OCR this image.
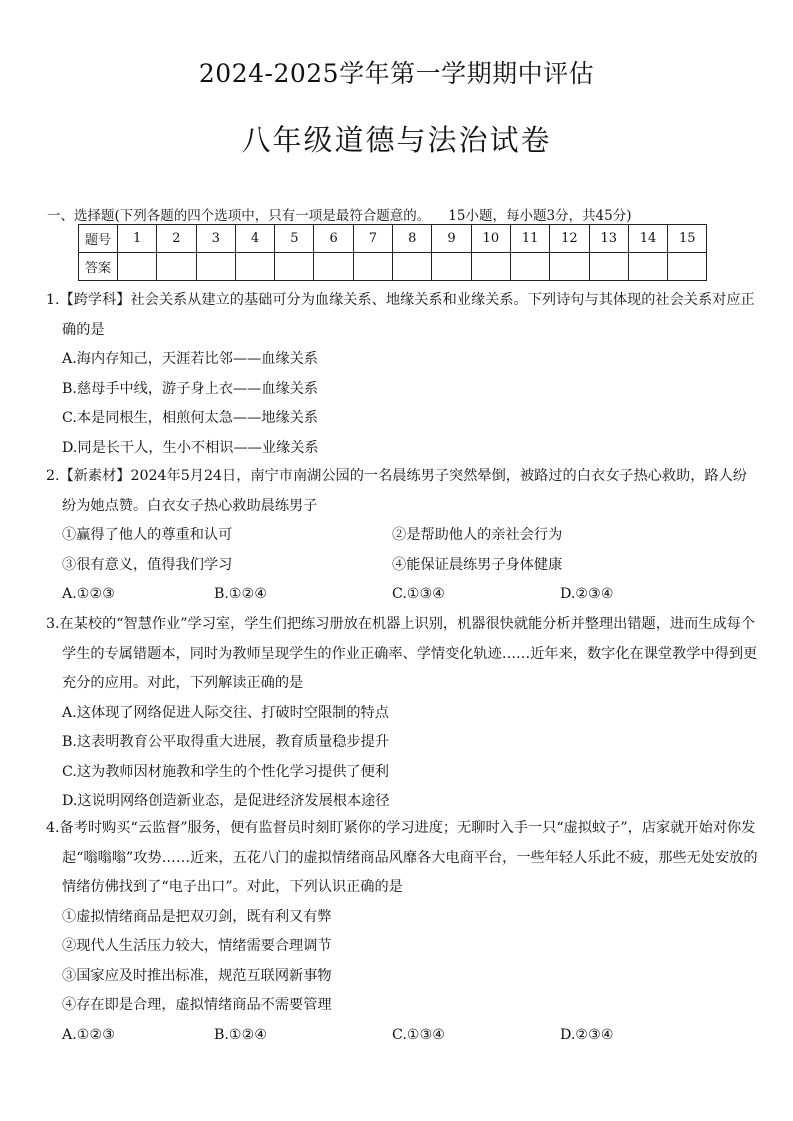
2024-2025学年第一学期期中评估
八年级道德与法治试卷
一、选择题(下列各题的四个选项中，只有一项是最符合题意的。 15小题，每小题3分，共45分)
题号	1	2	3	4	5	6	7	8	9	10	11	12	13	14	15
答案															
1.【跨学科】社会关系从建立的基础可分为血缘关系、地缘关系和业缘关系。下列诗句与其体现的社会关系对应正确的是
A.海内存知己，天涯若比邻——血缘关系
B.慈母手中线，游子身上衣——血缘关系
C.本是同根生，相煎何太急——地缘关系
D.同是长干人，生小不相识——业缘关系
2.【新素材】2024年5月24日，南宁市南湖公园的一名晨练男子突然晕倒，被路过的白衣女子热心救助，路人纷纷为她点赞。白衣女子热心救助晨练男子
①赢得了他人的尊重和认可	②是帮助他人的亲社会行为
③很有意义，值得我们学习	④能保证晨练男子身体健康
A.①②③	B.①②④	C.①③④	D.②③④
3.在某校的“智慧作业”学习室，学生们把练习册放在机器上识别，机器很快就能分析并整理出错题，进而生成每个学生的专属错题本，同时为教师呈现学生的作业正确率、学情变化轨迹……近年来，数字化在课堂教学中得到更充分的应用。对此，下列解读正确的是
A.这体现了网络促进人际交往、打破时空限制的特点
B.这表明教育公平取得重大进展，教育质量稳步提升
C.这为教师因材施教和学生的个性化学习提供了便利
D.这说明网络创造新业态，是促进经济发展根本途径
4.备考时购买“云监督”服务，便有监督员时刻盯紧你的学习进度；无聊时入手一只“虚拟蚊子”，店家就开始对你发起“嗡嗡嗡”攻势……近来，五花八门的虚拟情绪商品风靡各大电商平台，一些年轻人乐此不疲，那些无处安放的情绪仿佛找到了“电子出口”。对此，下列认识正确的是
①虚拟情绪商品是把双刃剑，既有利又有弊
②现代人生活压力较大，情绪需要合理调节
③国家应及时推出标准，规范互联网新事物
④存在即是合理，虚拟情绪商品不需要管理
A.①②③	B.①②④	C.①③④	D.②③④
